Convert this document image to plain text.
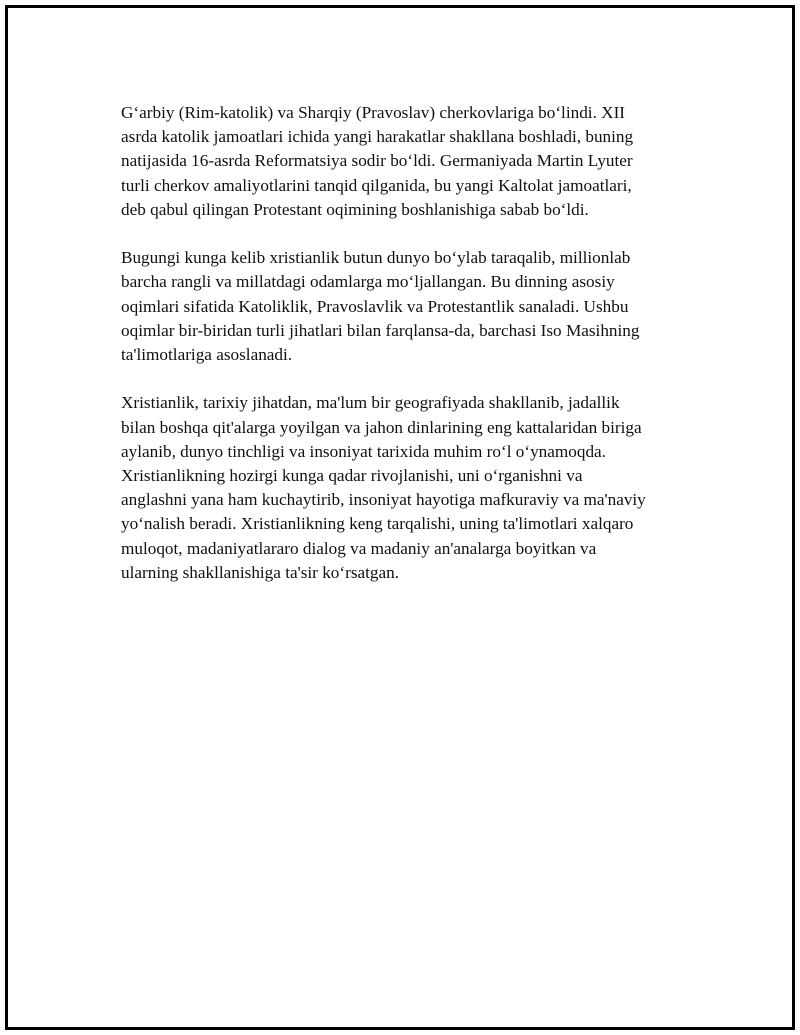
G‘arbiy (Rim-katolik) va Sharqiy (Pravoslav) cherkovlariga bo‘lindi. XII
asrda katolik jamoatlari ichida yangi harakatlar shakllana boshladi, buning
natijasida 16-asrda Reformatsiya sodir bo‘ldi. Germaniyada Martin Lyuter
turli cherkov amaliyotlarini tanqid qilganida, bu yangi Kaltolat jamoatlari,
deb qabul qilingan Protestant oqimining boshlanishiga sabab bo‘ldi.

Bugungi kunga kelib xristianlik butun dunyo bo‘ylab taraqalib, millionlab
barcha rangli va millatdagi odamlarga mo‘ljallangan. Bu dinning asosiy
oqimlari sifatida Katoliklik, Pravoslavlik va Protestantlik sanaladi. Ushbu
oqimlar bir-biridan turli jihatlari bilan farqlansa-da, barchasi Iso Masihning
ta'limotlariga asoslanadi.

Xristianlik, tarixiy jihatdan, ma'lum bir geografiyada shakllanib, jadallik
bilan boshqa qit'alarga yoyilgan va jahon dinlarining eng kattalaridan biriga
aylanib, dunyo tinchligi va insoniyat tarixida muhim ro‘l o‘ynamoqda.
Xristianlikning hozirgi kunga qadar rivojlanishi, uni o‘rganishni va
anglashni yana ham kuchaytirib, insoniyat hayotiga mafkuraviy va ma'naviy
yo‘nalish beradi. Xristianlikning keng tarqalishi, uning ta'limotlari xalqaro
muloqot, madaniyatlararo dialog va madaniy an'analarga boyitkan va
ularning shakllanishiga ta'sir ko‘rsatgan.
